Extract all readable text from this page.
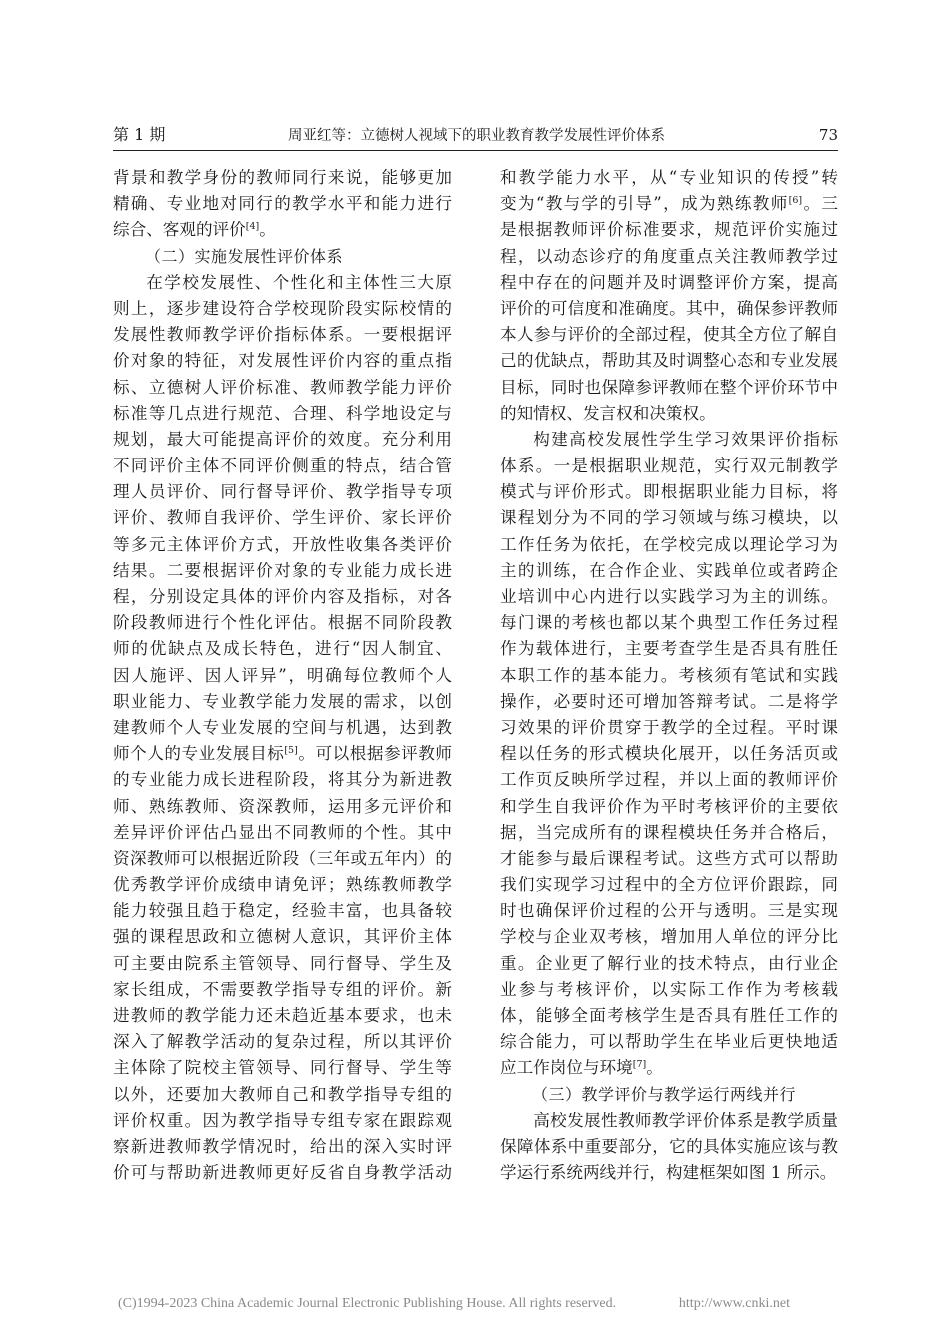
第 1 期	周亚红等：立德树人视域下的职业教育教学发展性评价体系	73
背景和教学身份的教师同行来说，能够更加
精确、专业地对同行的教学水平和能力进行
综合、客观的评价[4]。
（二）实施发展性评价体系
在学校发展性、个性化和主体性三大原
则上，逐步建设符合学校现阶段实际校情的
发展性教师教学评价指标体系。一要根据评
价对象的特征，对发展性评价内容的重点指
标、立德树人评价标准、教师教学能力评价
标准等几点进行规范、合理、科学地设定与
规划，最大可能提高评价的效度。充分利用
不同评价主体不同评价侧重的特点，结合管
理人员评价、同行督导评价、教学指导专项
评价、教师自我评价、学生评价、家长评价
等多元主体评价方式，开放性收集各类评价
结果。二要根据评价对象的专业能力成长进
程，分别设定具体的评价内容及指标，对各
阶段教师进行个性化评估。根据不同阶段教
师的优缺点及成长特色，进行“因人制宜、
因人施评、因人评异”，明确每位教师个人
职业能力、专业教学能力发展的需求，以创
建教师个人专业发展的空间与机遇，达到教
师个人的专业发展目标[5]。可以根据参评教师
的专业能力成长进程阶段，将其分为新进教
师、熟练教师、资深教师，运用多元评价和
差异评价评估凸显出不同教师的个性。其中
资深教师可以根据近阶段（三年或五年内）的
优秀教学评价成绩申请免评；熟练教师教学
能力较强且趋于稳定，经验丰富，也具备较
强的课程思政和立德树人意识，其评价主体
可主要由院系主管领导、同行督导、学生及
家长组成，不需要教学指导专组的评价。新
进教师的教学能力还未趋近基本要求，也未
深入了解教学活动的复杂过程，所以其评价
主体除了院校主管领导、同行督导、学生等
以外，还要加大教师自己和教学指导专组的
评价权重。因为教学指导专组专家在跟踪观
察新进教师教学情况时，给出的深入实时评
价可与帮助新进教师更好反省自身教学活动
和教学能力水平，从“专业知识的传授”转
变为“教与学的引导”，成为熟练教师[6]。三
是根据教师评价标准要求，规范评价实施过
程，以动态诊疗的角度重点关注教师教学过
程中存在的问题并及时调整评价方案，提高
评价的可信度和准确度。其中，确保参评教师
本人参与评价的全部过程，使其全方位了解自
己的优缺点，帮助其及时调整心态和专业发展
目标，同时也保障参评教师在整个评价环节中
的知情权、发言权和决策权。
构建高校发展性学生学习效果评价指标
体系。一是根据职业规范，实行双元制教学
模式与评价形式。即根据职业能力目标，将
课程划分为不同的学习领域与练习模块，以
工作任务为依托，在学校完成以理论学习为
主的训练，在合作企业、实践单位或者跨企
业培训中心内进行以实践学习为主的训练。
每门课的考核也都以某个典型工作任务过程
作为载体进行，主要考查学生是否具有胜任
本职工作的基本能力。考核须有笔试和实践
操作，必要时还可增加答辩考试。二是将学
习效果的评价贯穿于教学的全过程。平时课
程以任务的形式模块化展开，以任务活页或
工作页反映所学过程，并以上面的教师评价
和学生自我评价作为平时考核评价的主要依
据，当完成所有的课程模块任务并合格后，
才能参与最后课程考试。这些方式可以帮助
我们实现学习过程中的全方位评价跟踪，同
时也确保评价过程的公开与透明。三是实现
学校与企业双考核，增加用人单位的评分比
重。企业更了解行业的技术特点，由行业企
业参与考核评价，以实际工作作为考核载
体，能够全面考核学生是否具有胜任工作的
综合能力，可以帮助学生在毕业后更快地适
应工作岗位与环境[7]。
（三）教学评价与教学运行两线并行
高校发展性教师教学评价体系是教学质量
保障体系中重要部分，它的具体实施应该与教
学运行系统两线并行，构建框架如图 1 所示。
(C)1994-2023 China Academic Journal Electronic Publishing House. All rights reserved.	http://www.cnki.net
